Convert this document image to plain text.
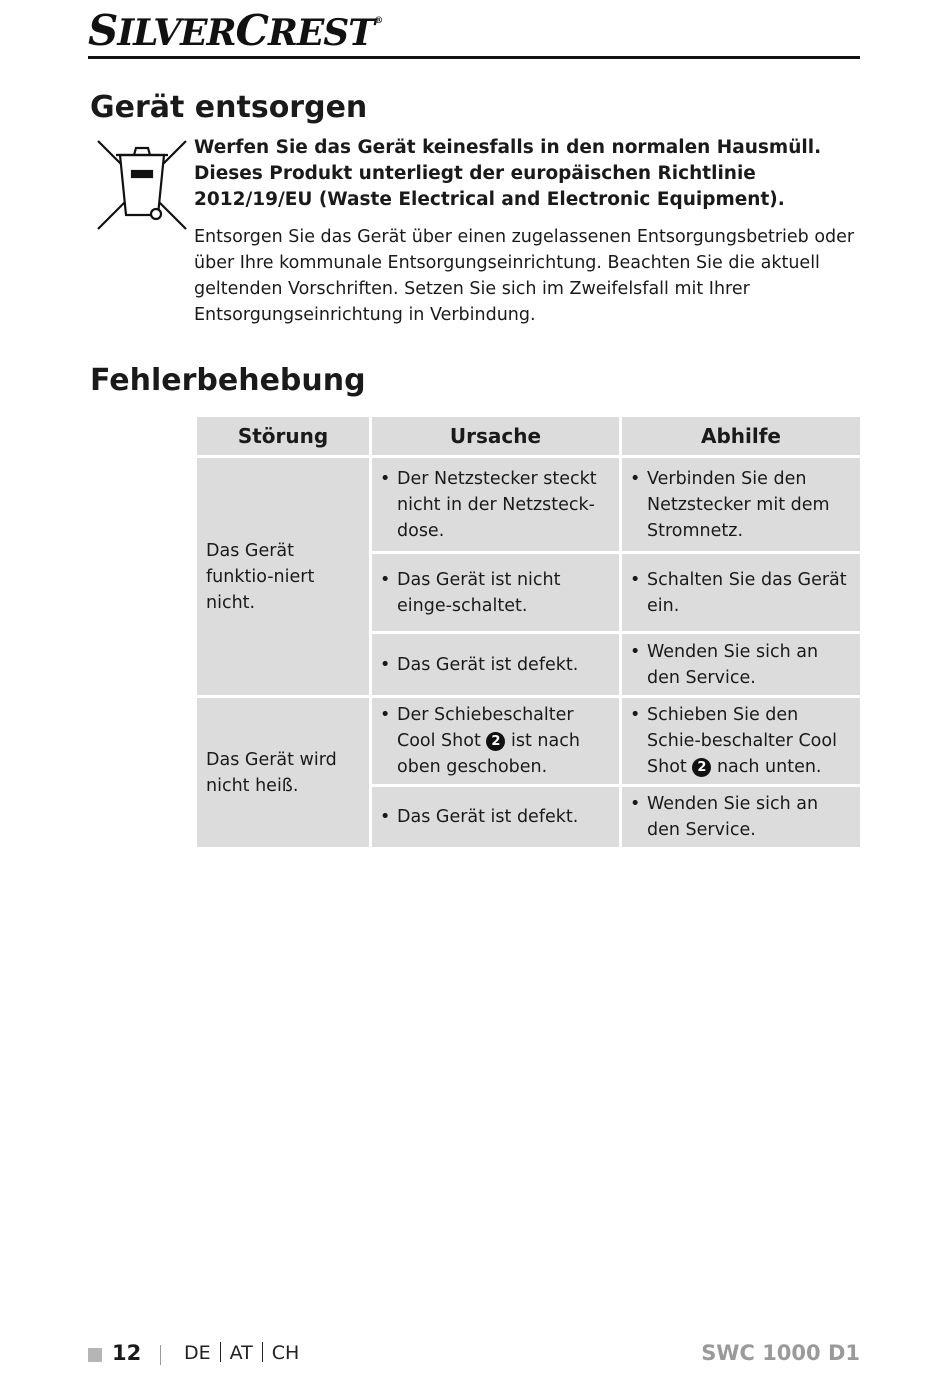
SILVERCREST®
Gerät entsorgen
Werfen Sie das Gerät keinesfalls in den normalen Hausmüll. Dieses Produkt unterliegt der europäischen Richtlinie 2012/19/EU (Waste Electrical and Electronic Equipment).
Entsorgen Sie das Gerät über einen zugelassenen Entsorgungsbetrieb oder über Ihre kommunale Entsorgungseinrichtung. Beachten Sie die aktuell geltenden Vorschriften. Setzen Sie sich im Zweifelsfall mit Ihrer Entsorgungseinrichtung in Verbindung.
Fehlerbehebung
Störung	Ursache	Abhilfe
Das Gerät funktio-niert nicht.	• Der Netzstecker steckt nicht in der Netzsteck-dose.	• Verbinden Sie den Netzstecker mit dem Stromnetz.

	• Das Gerät ist nicht einge-schaltet.	• Schalten Sie das Gerät ein.

	• Das Gerät ist defekt.	• Wenden Sie sich an den Service.

Das Gerät wird nicht heiß.	• Der Schiebeschalter Cool Shot 2 ist nach oben geschoben.	• Schieben Sie den Schie-beschalter Cool Shot 2 nach unten.

	• Das Gerät ist defekt.	• Wenden Sie sich an den Service.
12 DE AT CH	SWC 1000 D1
